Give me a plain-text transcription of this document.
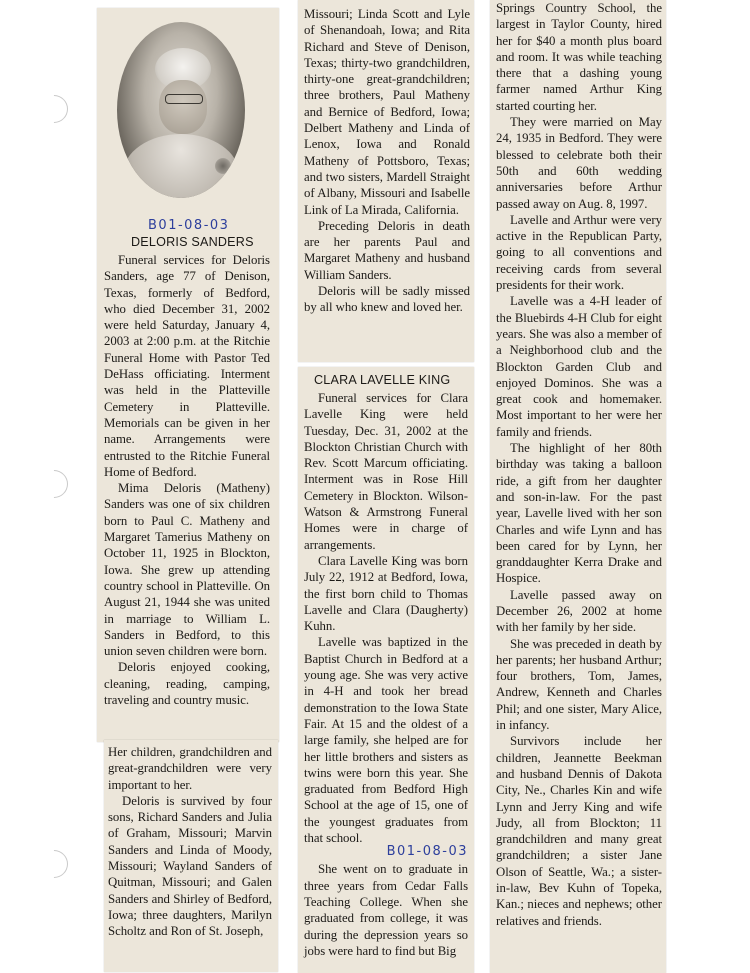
B01-08-03
DELORIS SANDERS

Funeral services for Deloris Sanders, age 77 of Denison, Texas, formerly of Bedford, who died December 31, 2002 were held Saturday, January 4, 2003 at 2:00 p.m. at the Ritchie Funeral Home with Pastor Ted DeHass officiating. Interment was held in the Platteville Cemetery in Platteville. Memorials can be given in her name. Arrangements were entrusted to the Ritchie Funeral Home of Bedford.

Mima Deloris (Matheny) Sanders was one of six children born to Paul C. Matheny and Margaret Tamerius Matheny on October 11, 1925 in Blockton, Iowa. She grew up attending country school in Platteville. On August 21, 1944 she was united in marriage to William L. Sanders in Bedford, to this union seven children were born.

Deloris enjoyed cooking, cleaning, reading, camping, traveling and country music.

Her children, grandchildren and great-grandchildren were very important to her.

Deloris is survived by four sons, Richard Sanders and Julia of Graham, Missouri; Marvin Sanders and Linda of Moody, Missouri; Wayland Sanders of Quitman, Missouri; and Galen Sanders and Shirley of Bedford, Iowa; three daughters, Marilyn Scholtz and Ron of St. Joseph,

Missouri; Linda Scott and Lyle of Shenandoah, Iowa; and Rita Richard and Steve of Denison, Texas; thirty-two grandchildren, thirty-one great-grandchildren; three brothers, Paul Matheny and Bernice of Bedford, Iowa; Delbert Matheny and Linda of Lenox, Iowa and Ronald Matheny of Pottsboro, Texas; and two sisters, Mardell Straight of Albany, Missouri and Isabelle Link of La Mirada, California.

Preceding Deloris in death are her parents Paul and Margaret Matheny and husband William Sanders.

Deloris will be sadly missed by all who knew and loved her.

CLARA LAVELLE KING

Funeral services for Clara Lavelle King were held Tuesday, Dec. 31, 2002 at the Blockton Christian Church with Rev. Scott Marcum officiating. Interment was in Rose Hill Cemetery in Blockton. Wilson-Watson & Armstrong Funeral Homes were in charge of arrangements.

Clara Lavelle King was born July 22, 1912 at Bedford, Iowa, the first born child to Thomas Lavelle and Clara (Daugherty) Kuhn.

Lavelle was baptized in the Baptist Church in Bedford at a young age. She was very active in 4-H and took her bread demonstration to the Iowa State Fair. At 15 and the oldest of a large family, she helped are for her little brothers and sisters as twins were born this year. She graduated from Bedford High School at the age of 15, one of the youngest graduates from that school.

B01-08-03

She went on to graduate in three years from Cedar Falls Teaching College. When she graduated from college, it was during the depression years so jobs were hard to find but Big

Springs Country School, the largest in Taylor County, hired her for $40 a month plus board and room. It was while teaching there that a dashing young farmer named Arthur King started courting her.

They were married on May 24, 1935 in Bedford. They were blessed to celebrate both their 50th and 60th wedding anniversaries before Arthur passed away on Aug. 8, 1997.

Lavelle and Arthur were very active in the Republican Party, going to all conventions and receiving cards from several presidents for their work.

Lavelle was a 4-H leader of the Bluebirds 4-H Club for eight years. She was also a member of a Neighborhood club and the Blockton Garden Club and enjoyed Dominos. She was a great cook and homemaker. Most important to her were her family and friends.

The highlight of her 80th birthday was taking a balloon ride, a gift from her daughter and son-in-law. For the past year, Lavelle lived with her son Charles and wife Lynn and has been cared for by Lynn, her granddaughter Kerra Drake and Hospice.

Lavelle passed away on December 26, 2002 at home with her family by her side.

She was preceded in death by her parents; her husband Arthur; four brothers, Tom, James, Andrew, Kenneth and Charles Phil; and one sister, Mary Alice, in infancy.

Survivors include her children, Jeannette Beekman and husband Dennis of Dakota City, Ne., Charles Kin and wife Lynn and Jerry King and wife Judy, all from Blockton; 11 grandchildren and many great grandchildren; a sister Jane Olson of Seattle, Wa.; a sister-in-law, Bev Kuhn of Topeka, Kan.; nieces and nephews; other relatives and friends.
